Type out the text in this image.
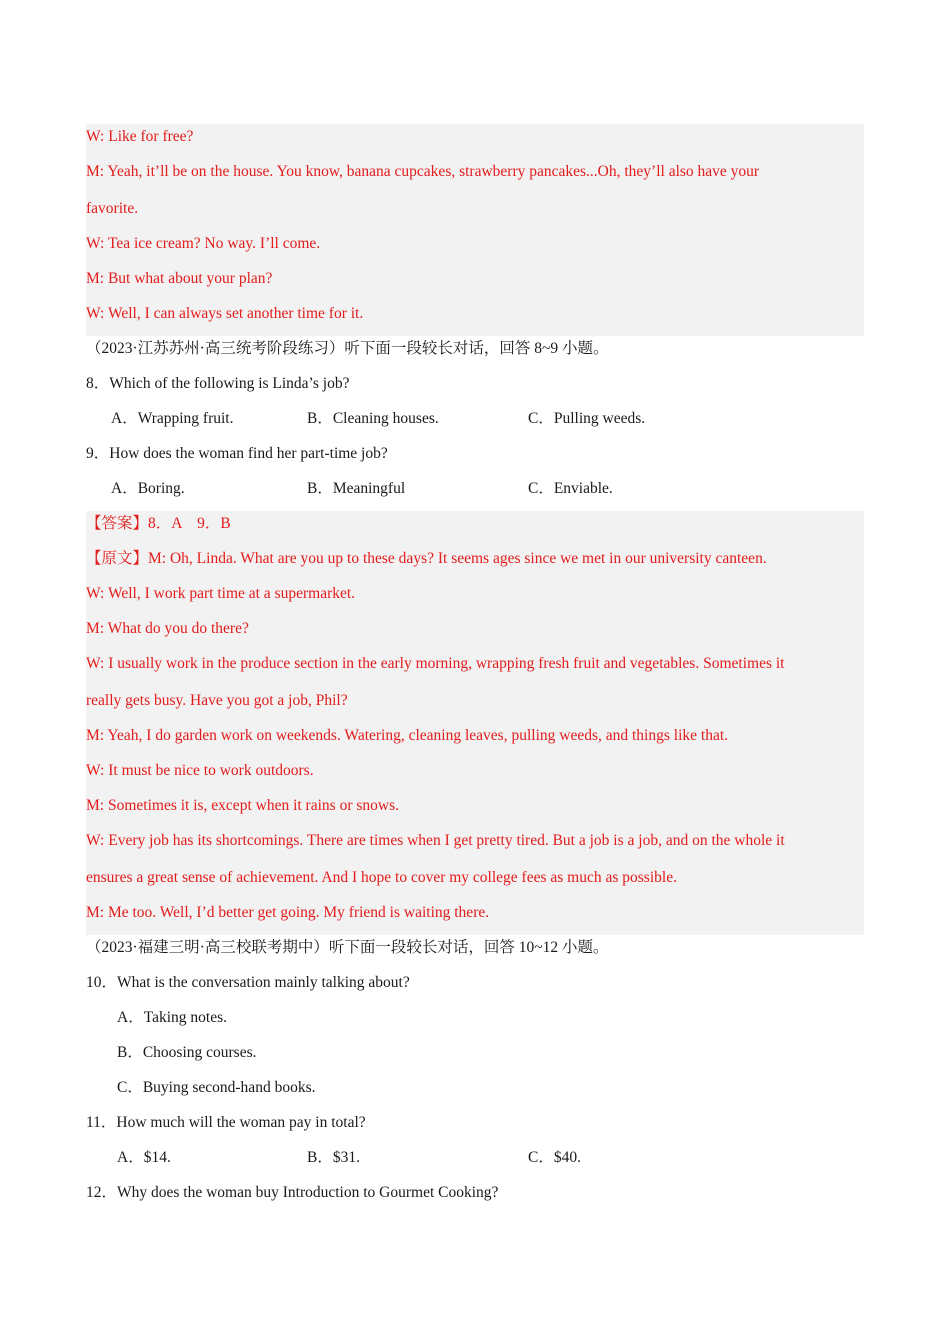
W: Like for free?
M: Yeah, it’ll be on the house. You know, banana cupcakes, strawberry pancakes...Oh, they’ll also have your
favorite.
W: Tea ice cream? No way. I’ll come.
M: But what about your plan?
W: Well, I can always set another time for it.
（2023·江苏苏州·高三统考阶段练习）听下面一段较长对话，回答 8~9 小题。
8．Which of the following is Linda’s job?
A．Wrapping fruit.	B．Cleaning houses.	C．Pulling weeds.
9．How does the woman find her part-time job?
A．Boring.	B．Meaningful	C．Enviable.
【答案】8．A　9．B
【原文】M: Oh, Linda. What are you up to these days? It seems ages since we met in our university canteen.
W: Well, I work part time at a supermarket.
M: What do you do there?
W: I usually work in the produce section in the early morning, wrapping fresh fruit and vegetables. Sometimes it
really gets busy. Have you got a job, Phil?
M: Yeah, I do garden work on weekends. Watering, cleaning leaves, pulling weeds, and things like that.
W: It must be nice to work outdoors.
M: Sometimes it is, except when it rains or snows.
W: Every job has its shortcomings. There are times when I get pretty tired. But a job is a job, and on the whole it
ensures a great sense of achievement. And I hope to cover my college fees as much as possible.
M: Me too. Well, I’d better get going. My friend is waiting there.
（2023·福建三明·高三校联考期中）听下面一段较长对话，回答 10~12 小题。
10．What is the conversation mainly talking about?
A．Taking notes.
B．Choosing courses.
C．Buying second-hand books.
11．How much will the woman pay in total?
A．$14.	B．$31.	C．$40.
12．Why does the woman buy Introduction to Gourmet Cooking?
